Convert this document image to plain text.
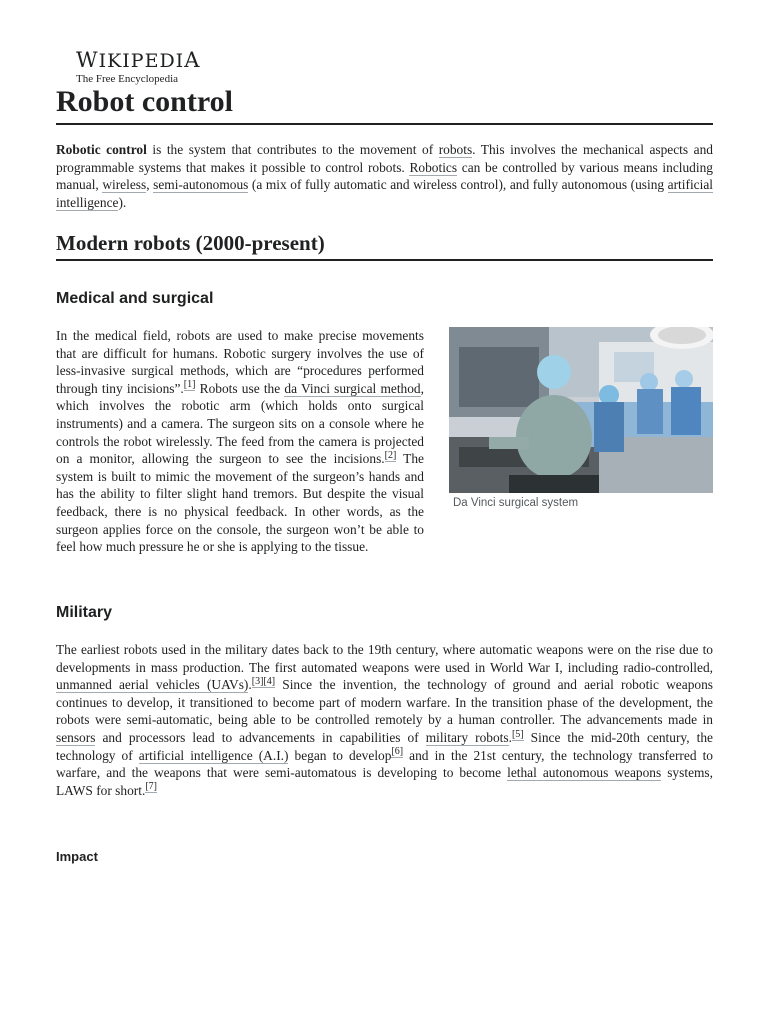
WIKIPEDIA
The Free Encyclopedia
Robot control

Robotic control is the system that contributes to the movement of robots. This involves the mechanical aspects and programmable systems that makes it possible to control robots. Robotics can be controlled by various means including manual, wireless, semi-autonomous (a mix of fully automatic and wireless control), and fully autonomous (using artificial intelligence).

Modern robots (2000-present)
Medical and surgical
Da Vinci surgical system

In the medical field, robots are used to make precise movements that are difficult for humans. Robotic surgery involves the use of less-invasive surgical methods, which are “procedures performed through tiny incisions”.[1] Robots use the da Vinci surgical method, which involves the robotic arm (which holds onto surgical instruments) and a camera. The surgeon sits on a console where he controls the robot wirelessly. The feed from the camera is projected on a monitor, allowing the surgeon to see the incisions.[2] The system is built to mimic the movement of the surgeon’s hands and has the ability to filter slight hand tremors. But despite the visual feedback, there is no physical feedback. In other words, as the surgeon applies force on the console, the surgeon won’t be able to feel how much pressure he or she is applying to the tissue.

Military

The earliest robots used in the military dates back to the 19th century, where automatic weapons were on the rise due to developments in mass production. The first automated weapons were used in World War I, including radio-controlled, unmanned aerial vehicles (UAVs).[3][4] Since the invention, the technology of ground and aerial robotic weapons continues to develop, it transitioned to become part of modern warfare. In the transition phase of the development, the robots were semi-automatic, being able to be controlled remotely by a human controller. The advancements made in sensors and processors lead to advancements in capabilities of military robots.[5] Since the mid-20th century, the technology of artificial intelligence (A.I.) began to develop[6] and in the 21st century, the technology transferred to warfare, and the weapons that were semi-automatous is developing to become lethal autonomous weapons systems, LAWS for short.[7]

Impact
